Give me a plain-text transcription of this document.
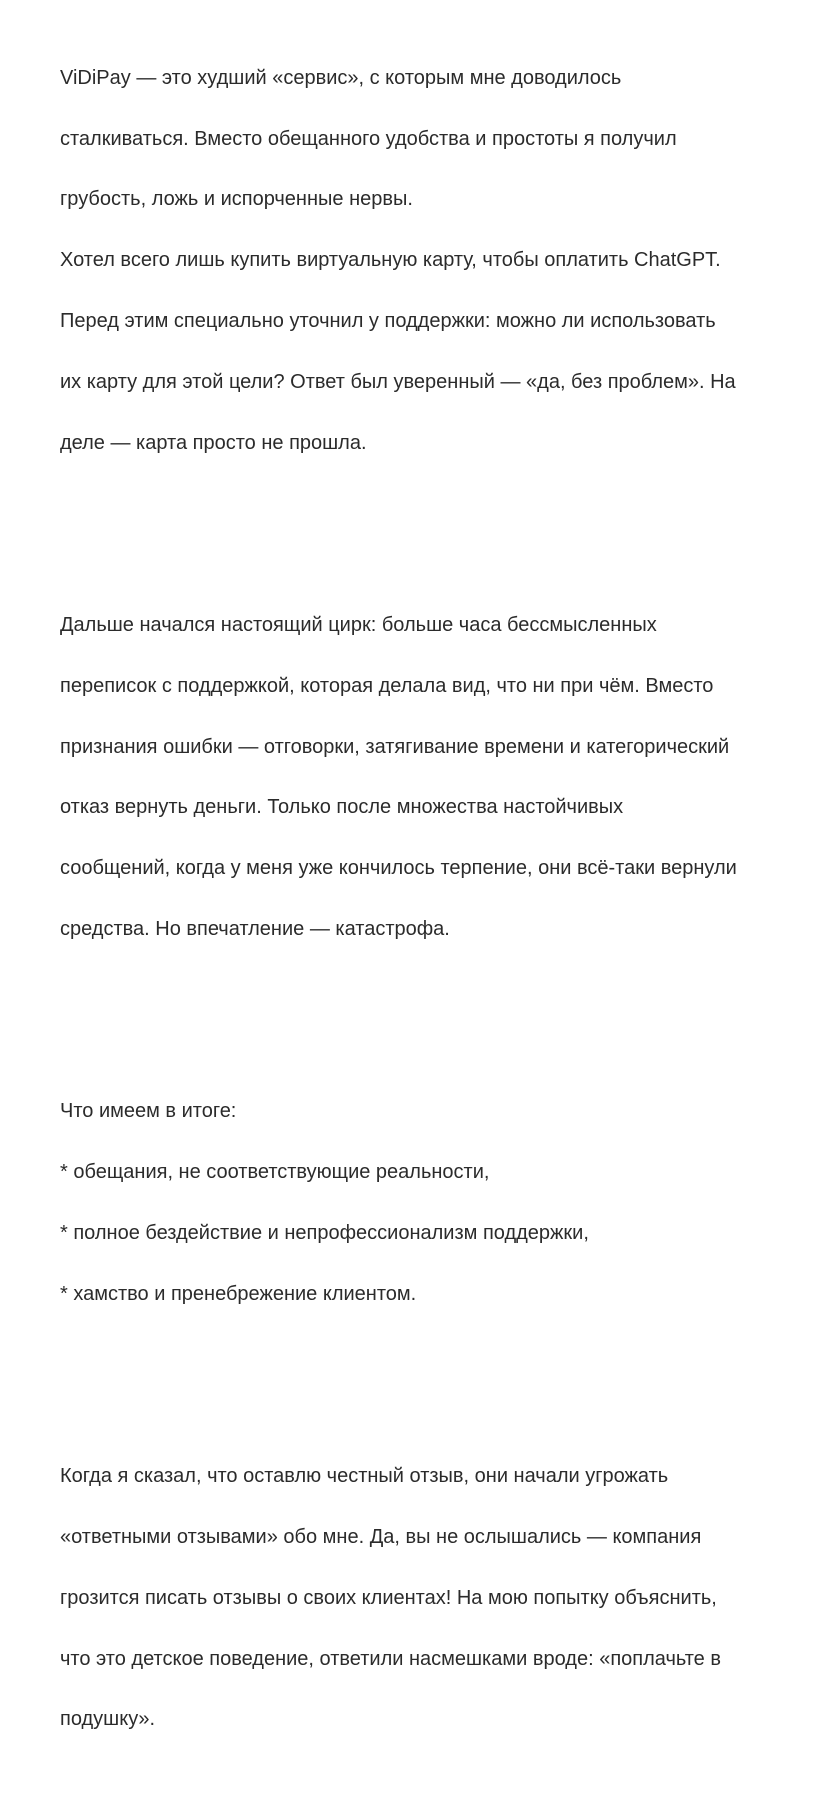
ViDiPay — это худший «сервис», с которым мне доводилось

сталкиваться. Вместо обещанного удобства и простоты я получил

грубость, ложь и испорченные нервы.

Хотел всего лишь купить виртуальную карту, чтобы оплатить ChatGPT.

Перед этим специально уточнил у поддержки: можно ли использовать

их карту для этой цели? Ответ был уверенный — «да, без проблем». На

деле — карта просто не прошла.

Дальше начался настоящий цирк: больше часа бессмысленных

переписок с поддержкой, которая делала вид, что ни при чём. Вместо

признания ошибки — отговорки, затягивание времени и категорический

отказ вернуть деньги. Только после множества настойчивых

сообщений, когда у меня уже кончилось терпение, они всё-таки вернули

средства. Но впечатление — катастрофа.

Что имеем в итоге:

* обещания, не соответствующие реальности,

* полное бездействие и непрофессионализм поддержки,

* хамство и пренебрежение клиентом.

Когда я сказал, что оставлю честный отзыв, они начали угрожать

«ответными отзывами» обо мне. Да, вы не ослышались — компания

грозится писать отзывы о своих клиентах! На мою попытку объяснить,

что это детское поведение, ответили насмешками вроде: «поплачьте в

подушку».
